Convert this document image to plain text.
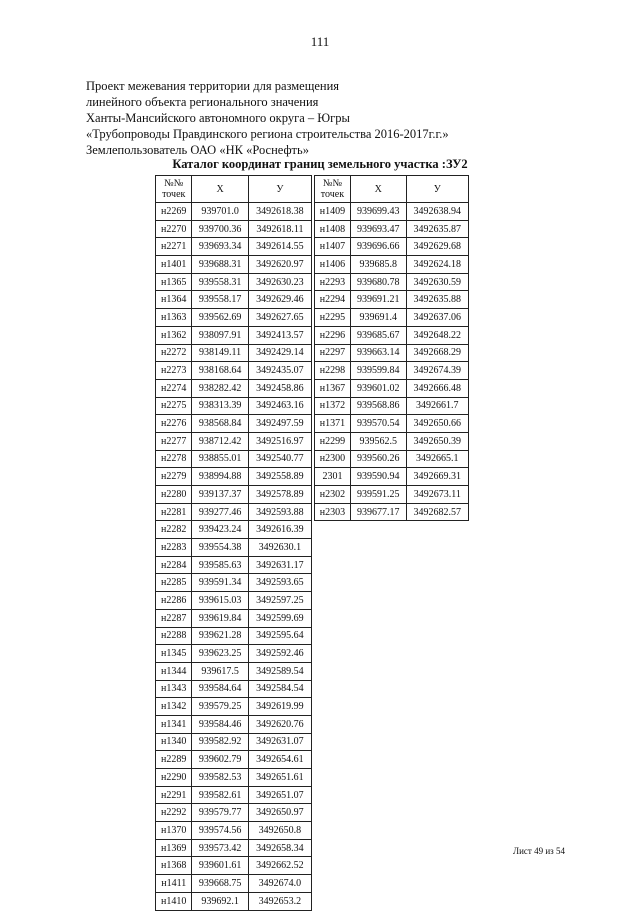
111
Проект межевания территории для размещения
линейного объекта регионального значения
Ханты-Мансийского автономного округа – Югры
«Трубопроводы Правдинского региона строительства 2016-2017г.г.»
Землепользователь ОАО «НК «Роснефть»
Каталог координат границ земельного участка :ЗУ2
№№
точек	Х	У
н2269	939701.0	3492618.38
н2270	939700.36	3492618.11
н2271	939693.34	3492614.55
н1401	939688.31	3492620.97
н1365	939558.31	3492630.23
н1364	939558.17	3492629.46
н1363	939562.69	3492627.65
н1362	938097.91	3492413.57
н2272	938149.11	3492429.14
н2273	938168.64	3492435.07
н2274	938282.42	3492458.86
н2275	938313.39	3492463.16
н2276	938568.84	3492497.59
н2277	938712.42	3492516.97
н2278	938855.01	3492540.77
н2279	938994.88	3492558.89
н2280	939137.37	3492578.89
н2281	939277.46	3492593.88
н2282	939423.24	3492616.39
н2283	939554.38	3492630.1
н2284	939585.63	3492631.17
н2285	939591.34	3492593.65
н2286	939615.03	3492597.25
н2287	939619.84	3492599.69
н2288	939621.28	3492595.64
н1345	939623.25	3492592.46
н1344	939617.5	3492589.54
н1343	939584.64	3492584.54
н1342	939579.25	3492619.99
н1341	939584.46	3492620.76
н1340	939582.92	3492631.07
н2289	939602.79	3492654.61
н2290	939582.53	3492651.61
н2291	939582.61	3492651.07
н2292	939579.77	3492650.97
н1370	939574.56	3492650.8
н1369	939573.42	3492658.34
н1368	939601.61	3492662.52
н1411	939668.75	3492674.0
н1410	939692.1	3492653.2
№№
точек	Х	У
н1409	939699.43	3492638.94
н1408	939693.47	3492635.87
н1407	939696.66	3492629.68
н1406	939685.8	3492624.18
н2293	939680.78	3492630.59
н2294	939691.21	3492635.88
н2295	939691.4	3492637.06
н2296	939685.67	3492648.22
н2297	939663.14	3492668.29
н2298	939599.84	3492674.39
н1367	939601.02	3492666.48
н1372	939568.86	3492661.7
н1371	939570.54	3492650.66
н2299	939562.5	3492650.39
н2300	939560.26	3492665.1
2301	939590.94	3492669.31
н2302	939591.25	3492673.11
н2303	939677.17	3492682.57
Лист 49 из 54
